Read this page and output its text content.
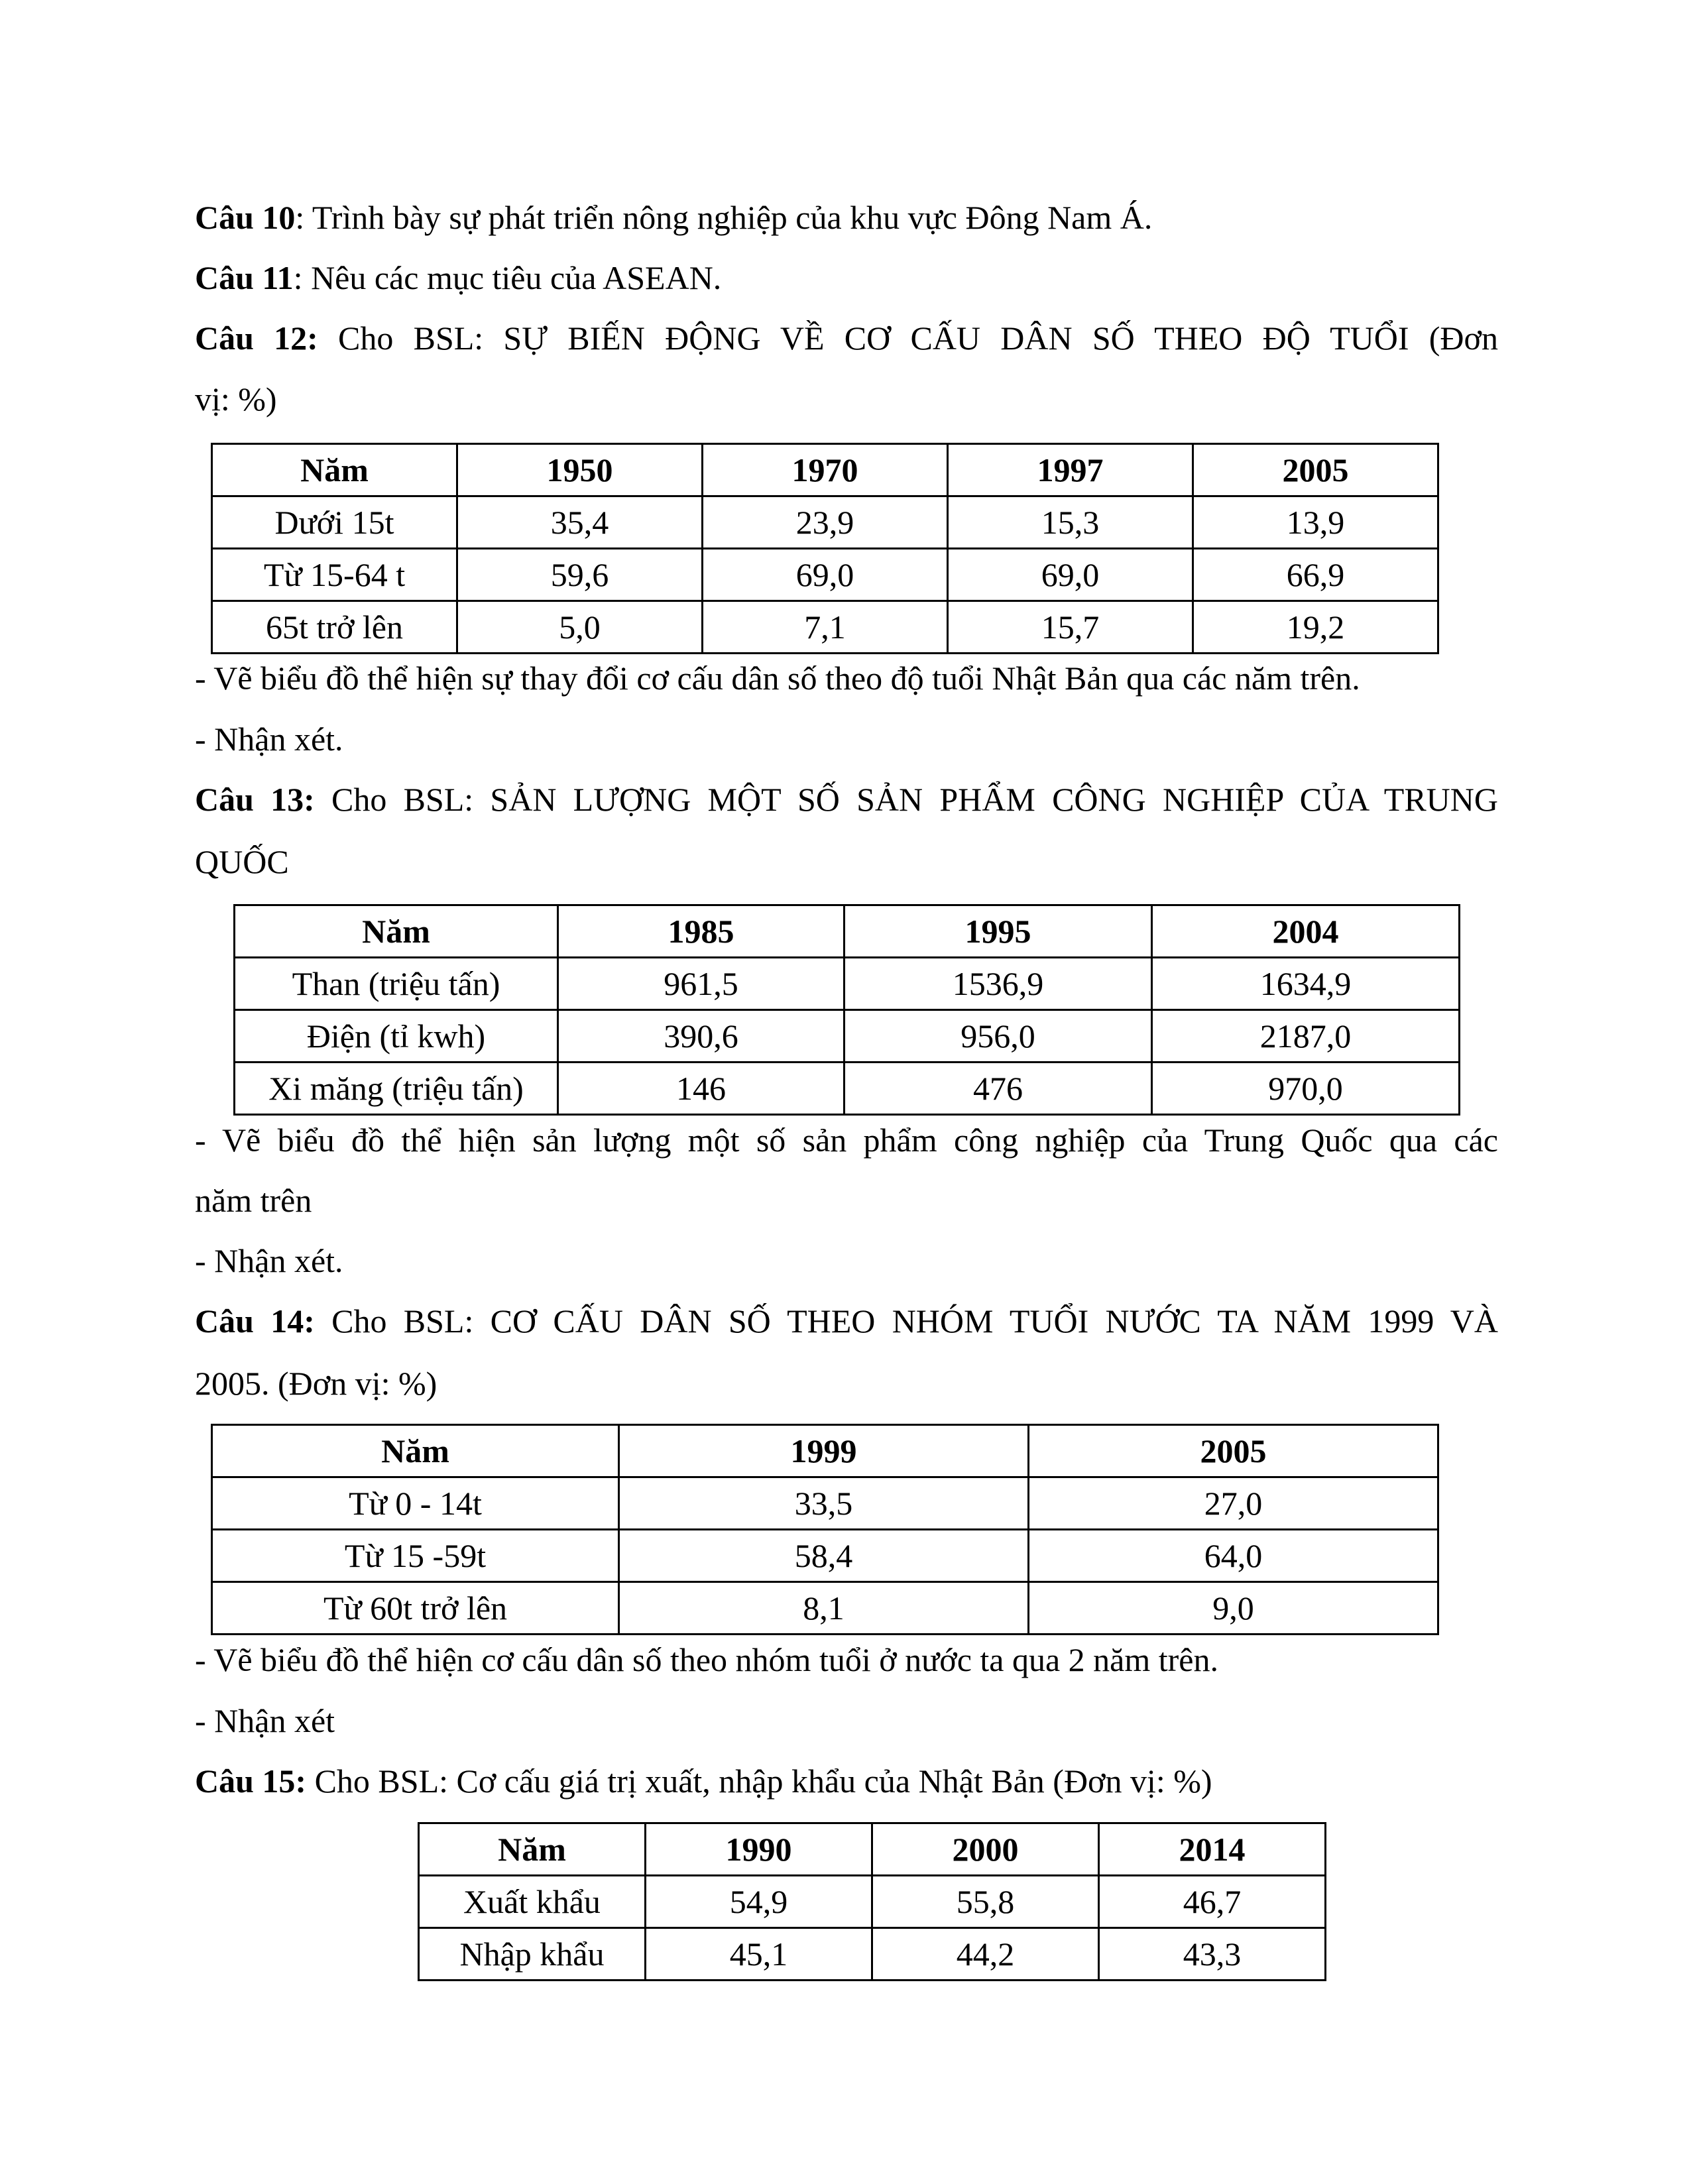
Câu 10: Trình bày sự phát triển nông nghiệp của khu vực Đông Nam Á.
Câu 11: Nêu các mục tiêu của ASEAN.
Câu 12: Cho BSL: SỰ BIẾN ĐỘNG VỀ CƠ CẤU DÂN SỐ THEO ĐỘ TUỔI (Đơn
vị: %)
Năm	1950	1970	1997	2005
Dưới 15t	35,4	23,9	15,3	13,9
Từ 15-64 t	59,6	69,0	69,0	66,9
65t trở lên	5,0	7,1	15,7	19,2
- Vẽ biểu đồ thể hiện sự thay đổi cơ cấu dân số theo độ tuổi Nhật Bản qua các năm trên.
- Nhận xét.
Câu 13: Cho BSL: SẢN LƯỢNG MỘT SỐ SẢN PHẨM CÔNG NGHIỆP CỦA TRUNG
QUỐC
Năm	1985	1995	2004
Than (triệu tấn)	961,5	1536,9	1634,9
Điện (tỉ kwh)	390,6	956,0	2187,0
Xi măng (triệu tấn)	146	476	970,0
- Vẽ biểu đồ thể hiện sản lượng một số sản phẩm công nghiệp của Trung Quốc qua các
năm trên
- Nhận xét.
Câu 14: Cho BSL: CƠ CẤU DÂN SỐ THEO NHÓM TUỔI NƯỚC TA NĂM 1999 VÀ
2005. (Đơn vị: %)
Năm	1999	2005
Từ 0 - 14t	33,5	27,0
Từ 15 -59t	58,4	64,0
Từ 60t trở lên	8,1	9,0
- Vẽ biểu đồ thể hiện cơ cấu dân số theo nhóm tuổi ở nước ta qua 2 năm trên.
- Nhận xét
Câu 15: Cho BSL: Cơ cấu giá trị xuất, nhập khẩu của Nhật Bản (Đơn vị: %)
Năm	1990	2000	2014
Xuất khẩu	54,9	55,8	46,7
Nhập khẩu	45,1	44,2	43,3
